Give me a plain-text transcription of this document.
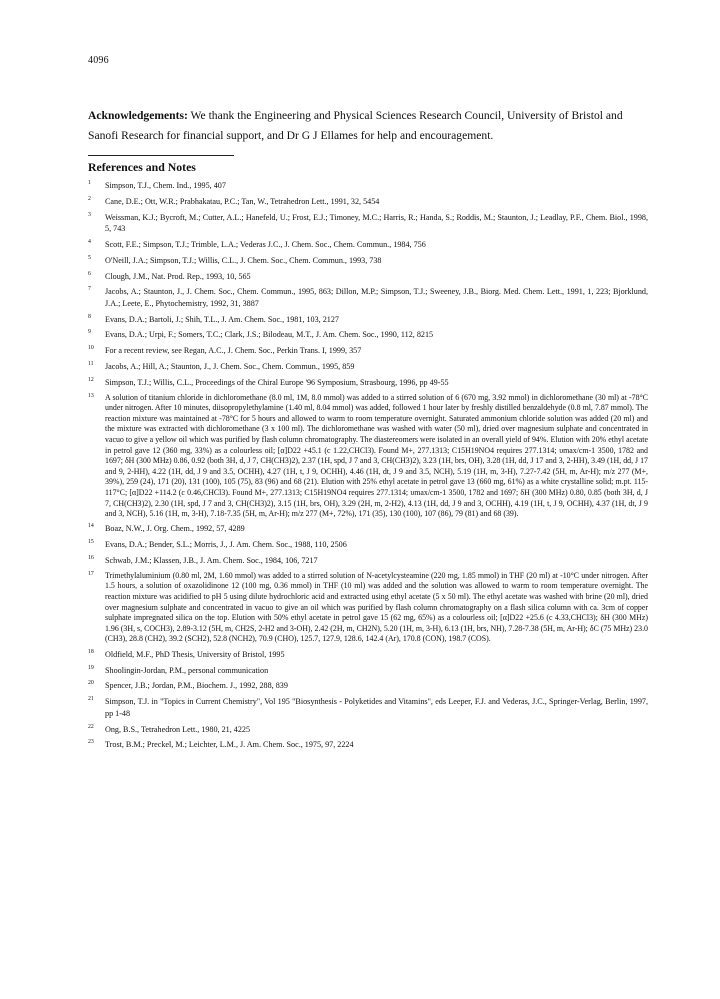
4096
Acknowledgements: We thank the Engineering and Physical Sciences Research Council, University of Bristol and Sanofi Research for financial support, and Dr G J Ellames for help and encouragement.
References and Notes
1	Simpson, T.J., Chem. Ind., 1995, 407
2	Cane, D.E.; Ott, W.R.; Prabhakatau, P.C.; Tan, W., Tetrahedron Lett., 1991, 32, 5454
3	Weissman, K.J.; Bycroft, M.; Cutter, A.L.; Hanefeld, U.; Frost, E.J.; Timoney, M.C.; Harris, R.; Handa, S.; Roddis, M.; Staunton, J.; Leadlay, P.F., Chem. Biol., 1998, 5, 743
4	Scott, F.E.; Simpson, T.J.; Trimble, L.A.; Vederas J.C., J. Chem. Soc., Chem. Commun., 1984, 756
5	O'Neill, J.A.; Simpson, T.J.; Willis, C.L., J. Chem. Soc., Chem. Commun., 1993, 738
6	Clough, J.M., Nat. Prod. Rep., 1993, 10, 565
7	Jacobs, A.; Staunton, J., J. Chem. Soc., Chem. Commun., 1995, 863; Dillon, M.P.; Simpson, T.J.; Sweeney, J.B., Biorg. Med. Chem. Lett., 1991, 1, 223; Bjorklund, J.A.; Leete, E., Phytochemistry, 1992, 31, 3887
8	Evans, D.A.; Bartoli, J.; Shih, T.L., J. Am. Chem. Soc., 1981, 103, 2127
9	Evans, D.A.; Urpi, F.; Somers, T.C.; Clark, J.S.; Bilodeau, M.T., J. Am. Chem. Soc., 1990, 112, 8215
10	For a recent review, see Regan, A.C., J. Chem. Soc., Perkin Trans. I, 1999, 357
11	Jacobs, A.; Hill, A.; Staunton, J., J. Chem. Soc., Chem. Commun., 1995, 859
12	Simpson, T.J.; Willis, C.L., Proceedings of the Chiral Europe '96 Symposium, Strasbourg, 1996, pp 49-55
13	A solution of titanium chloride in dichloromethane (8.0 ml, 1M, 8.0 mmol) was added to a stirred solution of 6 (670 mg, 3.92 mmol) in dichloromethane (30 ml) at -78°C under nitrogen. After 10 minutes, diisopropylethylamine (1.40 ml, 8.04 mmol) was added, followed 1 hour later by freshly distilled benzaldehyde (0.8 ml, 7.87 mmol). The reaction mixture was maintained at -78°C for 5 hours and allowed to warm to room temperature overnight. Saturated ammonium chloride solution was added (20 ml) and the mixture was extracted with dichloromethane (3 x 100 ml). The dichloromethane was washed with water (50 ml), dried over magnesium sulphate and concentrated in vacuo to give a yellow oil which was purified by flash column chromatography. The diastereomers were isolated in an overall yield of 94%. Elution with 20% ethyl acetate in petrol gave 12 (360 mg, 33%) as a colourless oil; [α]D22 +45.1 (c 1.22,CHCl3). Found M+, 277.1313; C15H19NO4 requires 277.1314; υmax/cm-1 3500, 1782 and 1697; δH (300 MHz) 0.86, 0.92 (both 3H, d, J 7, CH(CH3)2), 2.37 (1H, spd, J 7 and 3, CH(CH3)2), 3.23 (1H, brs, OH), 3.28 (1H, dd, J 17 and 3, 2-HH), 3.49 (1H, dd, J 17 and 9, 2-HH), 4.22 (1H, dd, J 9 and 3.5, OCHH), 4.27 (1H, t, J 9, OCHH), 4.46 (1H, dt, J 9 and 3.5, NCH), 5.19 (1H, m, 3-H), 7.27-7.42 (5H, m, Ar-H); m/z 277 (M+, 39%), 259 (24), 171 (20), 131 (100), 105 (75), 83 (96) and 68 (21). Elution with 25% ethyl acetate in petrol gave 13 (660 mg, 61%) as a white crystalline solid; m.pt. 115-117°C; [α]D22 +114.2 (c 0.46,CHCl3). Found M+, 277.1313; C15H19NO4 requires 277.1314; υmax/cm-1 3500, 1782 and 1697; δH (300 MHz) 0.80, 0.85 (both 3H, d, J 7, CH(CH3)2), 2.30 (1H, spd, J 7 and 3, CH(CH3)2), 3.15 (1H, brs, OH), 3.29 (2H, m, 2-H2), 4.13 (1H, dd, J 9 and 3, OCHH), 4.19 (1H, t, J 9, OCHH), 4.37 (1H, dt, J 9 and 3, NCH), 5.16 (1H, m, 3-H), 7.18-7.35 (5H, m, Ar-H); m/z 277 (M+, 72%), 171 (35), 130 (100), 107 (86), 79 (81) and 68 (39).
14	Boaz, N.W., J. Org. Chem., 1992, 57, 4289
15	Evans, D.A.; Bender, S.L.; Morris, J., J. Am. Chem. Soc., 1988, 110, 2506
16	Schwab, J.M.; Klassen, J.B., J. Am. Chem. Soc., 1984, 106, 7217
17	Trimethylaluminium (0.80 ml, 2M, 1.60 mmol) was added to a stirred solution of N-acetylcysteamine (220 mg, 1.85 mmol) in THF (20 ml) at -10°C under nitrogen. After 1.5 hours, a solution of oxazolidinone 12 (100 mg, 0.36 mmol) in THF (10 ml) was added and the solution was allowed to warm to room temperature overnight. The reaction mixture was acidified to pH 5 using dilute hydrochloric acid and extracted using ethyl acetate (5 x 50 ml). The ethyl acetate was washed with brine (20 ml), dried over magnesium sulphate and concentrated in vacuo to give an oil which was purified by flash column chromatography on a flash silica column with ca. 3cm of copper sulphate impregnated silica on the top. Elution with 50% ethyl acetate in petrol gave 15 (62 mg, 65%) as a colourless oil; [α]D22 +25.6 (c 4.33,CHCl3); δH (300 MHz) 1.96 (3H, s, COCH3), 2.89-3.12 (5H, m, CH2S, 2-H2 and 3-OH), 2.42 (2H, m, CH2N), 5.20 (1H, m, 3-H), 6.13 (1H, brs, NH), 7.28-7.38 (5H, m, Ar-H); δC (75 MHz) 23.0 (CH3), 28.8 (CH2), 39.2 (SCH2), 52.8 (NCH2), 70.9 (CHO), 125.7, 127.9, 128.6, 142.4 (Ar), 170.8 (CON), 198.7 (COS).
18	Oldfield, M.F., PhD Thesis, University of Bristol, 1995
19	Shoolingin-Jordan, P.M., personal communication
20	Spencer, J.B.; Jordan, P.M., Biochem. J., 1992, 288, 839
21	Simpson, T.J. in "Topics in Current Chemistry", Vol 195 "Biosynthesis - Polyketides and Vitamins", eds Leeper, F.J. and Vederas, J.C., Springer-Verlag, Berlin, 1997, pp 1-48
22	Ong, B.S., Tetrahedron Lett., 1980, 21, 4225
23	Trost, B.M.; Preckel, M.; Leichter, L.M., J. Am. Chem. Soc., 1975, 97, 2224
